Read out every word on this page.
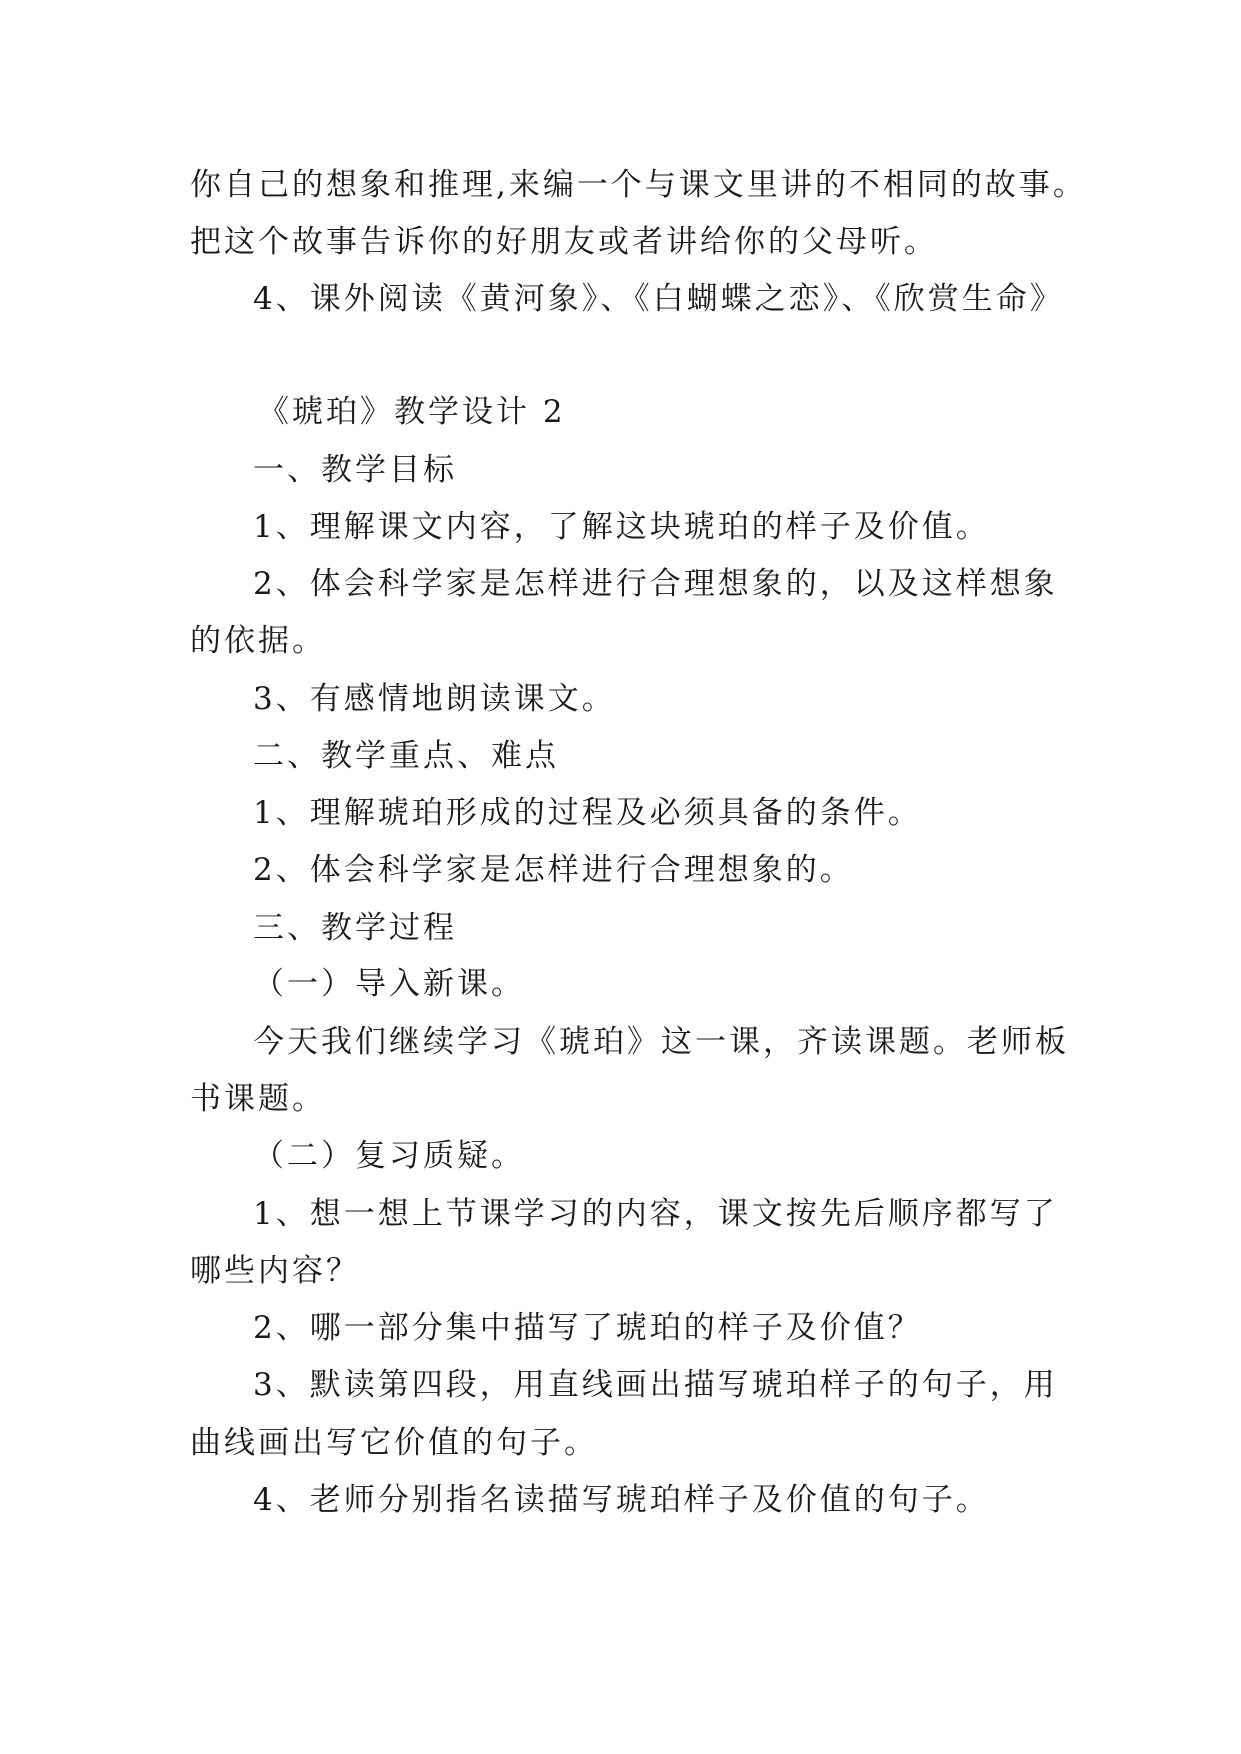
你自己的想象和推理,来编一个与课文里讲的不相同的故事。
把这个故事告诉你的好朋友或者讲给你的父母听。
4、课外阅读《黄河象》、《白蝴蝶之恋》、《欣赏生命》
《琥珀》教学设计 2
一、教学目标
1、理解课文内容，了解这块琥珀的样子及价值。
2、体会科学家是怎样进行合理想象的，以及这样想象
的依据。
3、有感情地朗读课文。
二、教学重点、难点
1、理解琥珀形成的过程及必须具备的条件。
2、体会科学家是怎样进行合理想象的。
三、教学过程
（一）导入新课。
今天我们继续学习《琥珀》这一课，齐读课题。老师板
书课题。
（二）复习质疑。
1、想一想上节课学习的内容，课文按先后顺序都写了
哪些内容？
2、哪一部分集中描写了琥珀的样子及价值？
3、默读第四段，用直线画出描写琥珀样子的句子，用
曲线画出写它价值的句子。
4、老师分别指名读描写琥珀样子及价值的句子。
